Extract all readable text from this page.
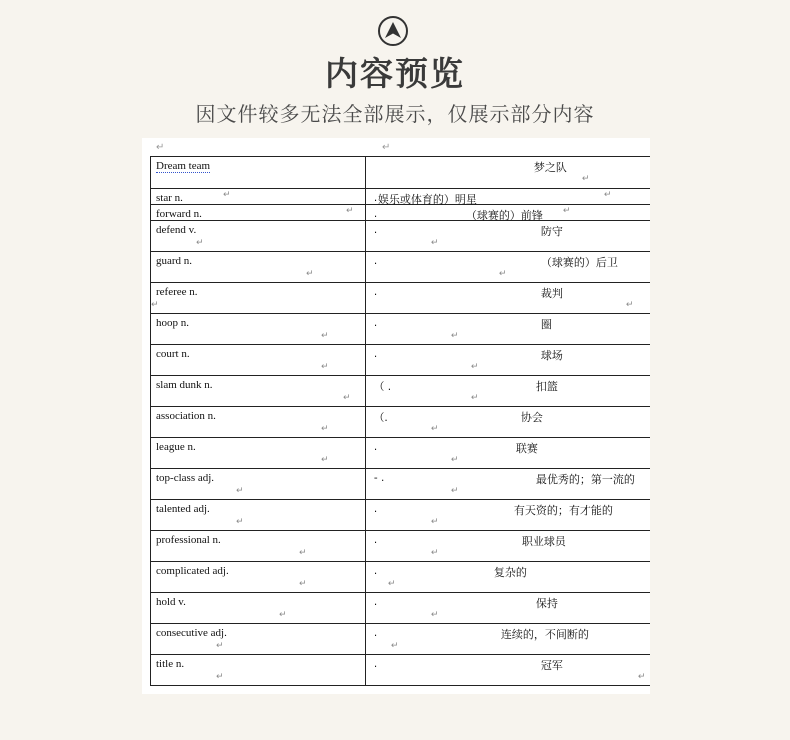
内容预览
因文件较多无法全部展示，仅展示部分内容
↵	↵
Dream team	梦之队
↵

star n. ↵	. 娱乐或体育的）明星 ↵

forward n. ↵	. （球赛的）前锋 ↵

defend v.
↵	. 防守
↵

guard n.
↵	. （球赛的）后卫
↵

referee n.
↵	. 裁判
↵

hoop n.
↵	. 圈
↵

court n.
↵	. 球场
↵

slam dunk n.
↵	（ . 扣篮
↵

association n.
↵	（. 协会
↵

league n.
↵	. 联赛
↵

top-class adj.
↵	- . 最优秀的；第一流的
↵

talented adj.
↵	. 有天资的；有才能的
↵

professional n.
↵	. 职业球员
↵

complicated adj.
↵	. 复杂的
↵

hold v.
↵	. 保持
↵

consecutive adj.
↵	. 连续的，不间断的
↵

title n.
↵	. 冠军
↵
